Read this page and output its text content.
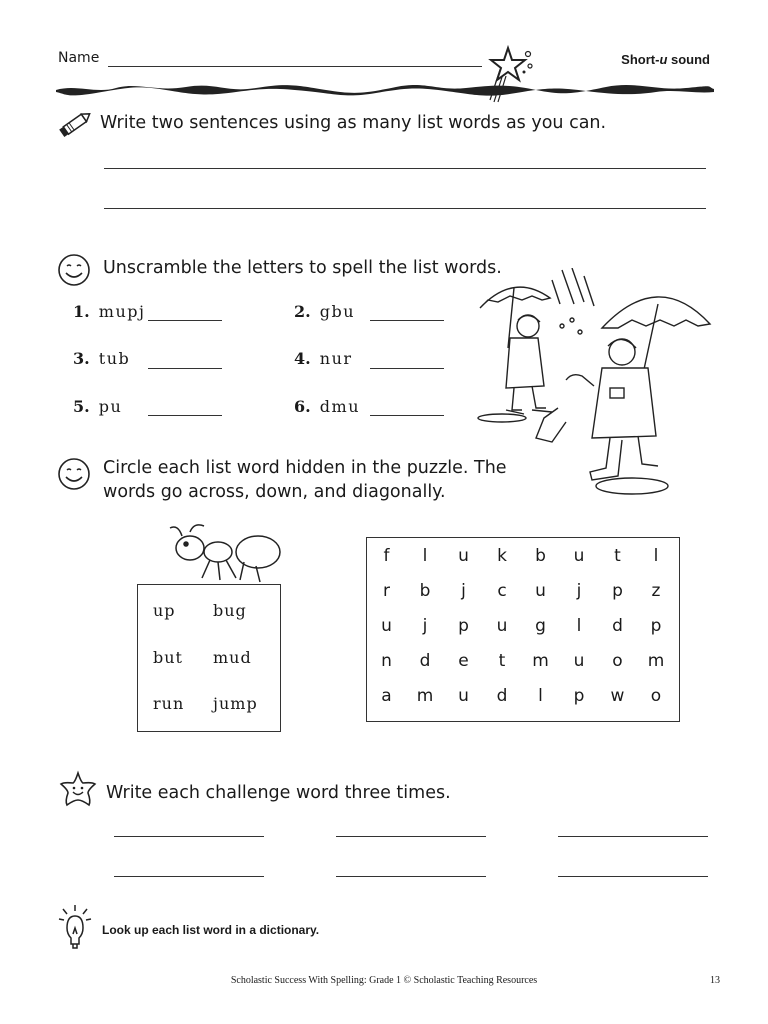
Name	Short-u sound
Write two sentences using as many list words as you can.
Unscramble the letters to spell the list words.
1. mupj	2. gbu
3. tub	4. nur
5. pu	6. dmu
Circle each list word hidden in the puzzle. The
words go across, down, and diagonally.
up bug
but mud
run jump
f	l	u	k	b	u	t	l
r	b	j	c	u	j	p	z
u	j	p	u	g	l	d	p
n	d	e	t	m	u	o	m
a	m	u	d	l	p	w	o
Write each challenge word three times.
Look up each list word in a dictionary.
Scholastic Success With Spelling: Grade 1 © Scholastic Teaching Resources	13
